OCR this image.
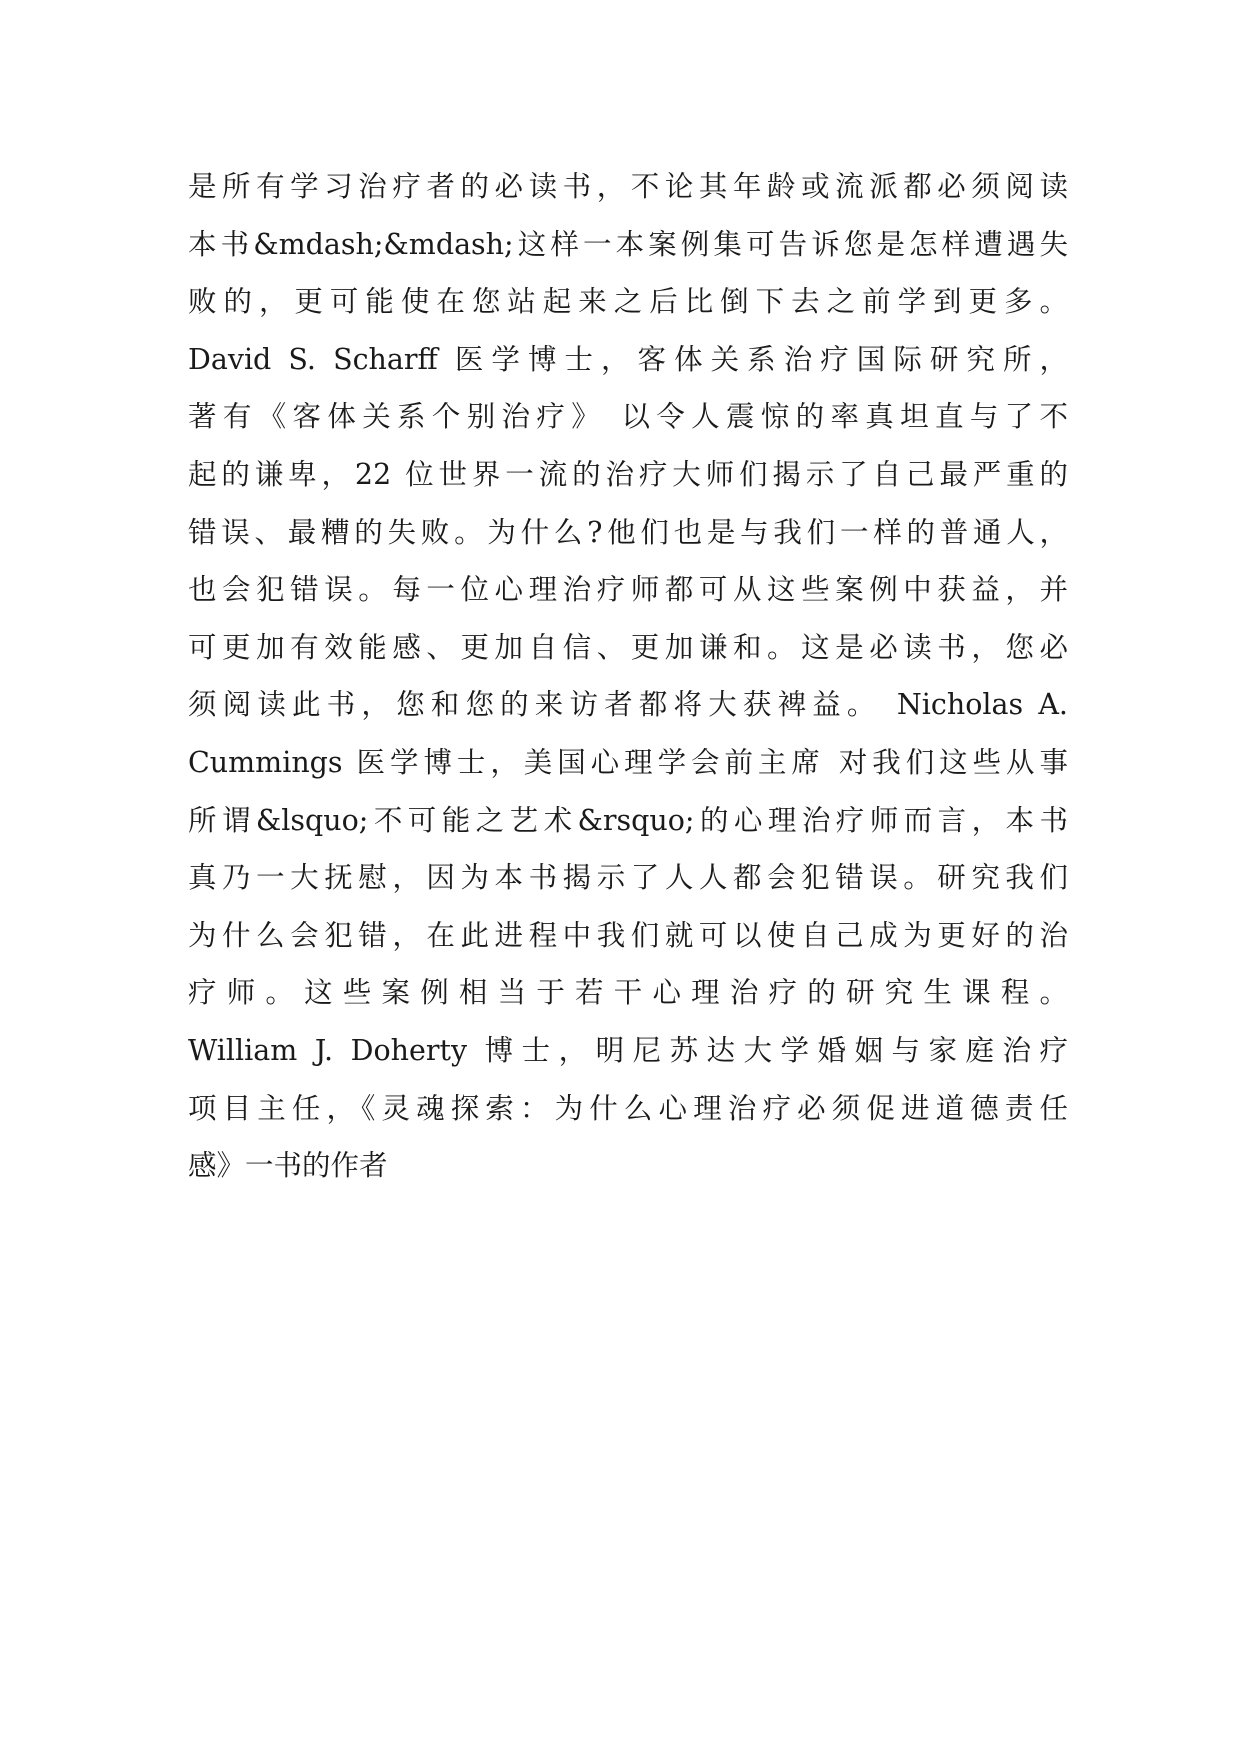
是所有学习治疗者的必读书，不论其年龄或流派都必须阅读
本书&mdash;&mdash;这样一本案例集可告诉您是怎样遭遇失
败的，更可能使在您站起来之后比倒下去之前学到更多。
David S. Scharff 医学博士，客体关系治疗国际研究所，
著有《客体关系个别治疗》 以令人震惊的率真坦直与了不
起的谦卑，22 位世界一流的治疗大师们揭示了自己最严重的
错误、最糟的失败。为什么?他们也是与我们一样的普通人，
也会犯错误。每一位心理治疗师都可从这些案例中获益，并
可更加有效能感、更加自信、更加谦和。这是必读书，您必
须阅读此书，您和您的来访者都将大获裨益。 Nicholas A.
Cummings 医学博士，美国心理学会前主席 对我们这些从事
所谓&lsquo;不可能之艺术&rsquo;的心理治疗师而言，本书
真乃一大抚慰，因为本书揭示了人人都会犯错误。研究我们
为什么会犯错，在此进程中我们就可以使自己成为更好的治
疗师。这些案例相当于若干心理治疗的研究生课程。
William J. Doherty 博士，明尼苏达大学婚姻与家庭治疗
项目主任，《灵魂探索：为什么心理治疗必须促进道德责任
感》一书的作者
